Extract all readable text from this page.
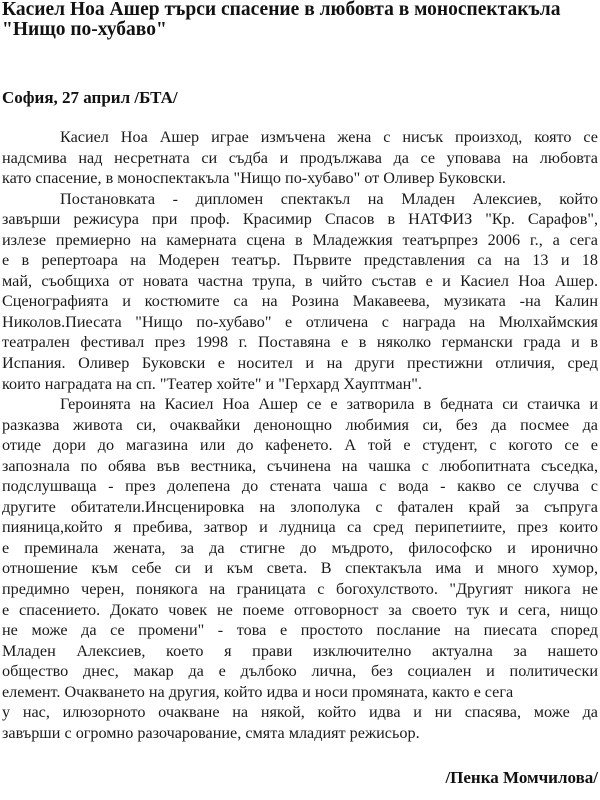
Касиел Ноа Ашер търси спасение в любовта в моноспектакъла
"Нищо по-хубаво"
София, 27 април /БТА/
Касиел Ноа Ашер играе измъчена жена с нисък произход, която се
надсмива над несретната си съдба и продължава да се уповава на любовта
като спасение, в моноспектакъла "Нищо по-хубаво" от Оливер Буковски.
Постановката - дипломен спектакъл на Младен Алексиев, който
завърши режисура при проф. Красимир Спасов в НАТФИЗ "Кр. Сарафов",
излезе премиерно на камерната сцена в Младежкия театърпрез 2006 г., а сега
е в репертоара на Модерен театър. Първите представления са на 13 и 18
май, съобщиха от новата частна трупа, в чийто състав е и Касиел Ноа Ашер.
Сценографията и костюмите са на Розина Макавеева, музиката -на Калин
Николов.Пиесата "Нищо по-хубаво" е отличена с награда на Мюлхаймския
театрален фестивал през 1998 г. Поставяна е в няколко германски града и в
Испания. Оливер Буковски е носител и на други престижни отличия, сред
които наградата на сп. "Театер хойте" и "Герхард Хауптман".
Героинята на Касиел Ноа Ашер се е затворила в бедната си стаичка и
разказва живота си, очаквайки денонощно любимия си, без да посмее да
отиде дори до магазина или до кафенето. А той е студент, с когото се е
запознала по обява във вестника, съчинена на чашка с любопитната съседка,
подслушваща - през долепена до стената чаша с вода - какво се случва с
другите обитатели.Инсценировка на злополука с фатален край за съпруга
пияница,който я пребива, затвор и лудница са сред перипетиите, през които
е преминала жената, за да стигне до мъдрото, философско и иронично
отношение към себе си и към света. В спектакъла има и много хумор,
предимно черен, понякога на границата с богохулството. "Другият никога не
е спасението. Докато човек не поеме отговорност за своето тук и сега, нищо
не може да се промени" - това е простото послание на пиесата според
Младен Алексиев, което я прави изключително актуална за нашето
общество днес, макар да е дълбоко лична, без социален и политически
елемент. Очакването на другия, който идва и носи промяната, както е сега
у нас, илюзорното очакване на някой, който идва и ни спасява, може да
завърши с огромно разочарование, смята младият режисьор.
/Пенка Момчилова/
